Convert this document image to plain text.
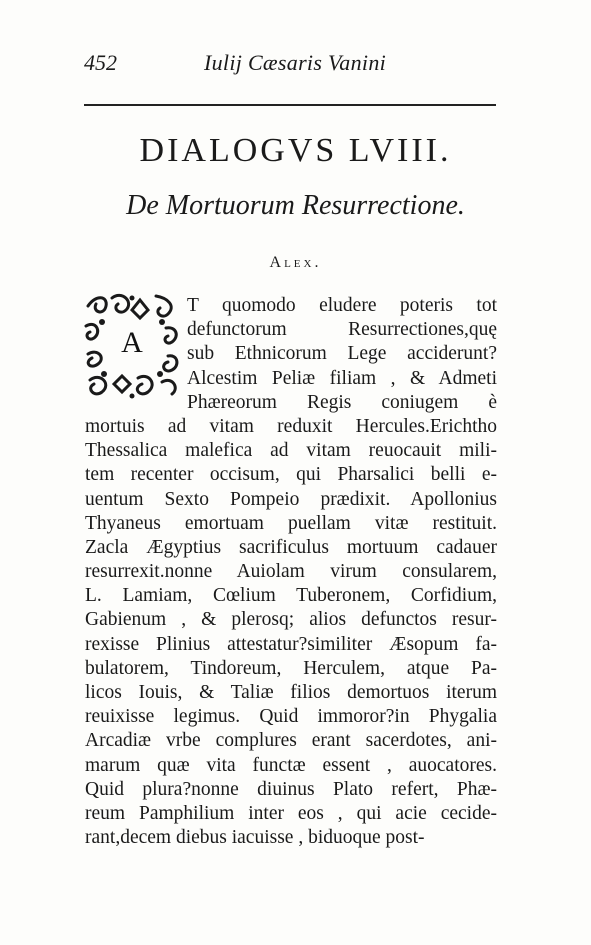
452	Iulij Cæsaris Vanini
DIALOGVS LVIII.
De Mortuorum Resurrectione.
Alex.
A
T quomodo eludere poteris tot
defunctorum Resurrectiones,quę
sub Ethnicorum Lege acciderunt?
Alcestim Peliæ filiam , & Admeti
Phæreorum Regis coniugem è
mortuis ad vitam reduxit Hercules.Erichtho
Thessalica malefica ad vitam reuocauit mili-
tem recenter occisum, qui Pharsalici belli e-
uentum Sexto Pompeio prædixit. Apollonius
Thyaneus emortuam puellam vitæ restituit.
Zacla Ægyptius sacrificulus mortuum cadauer
resurrexit.nonne Auiolam virum consularem,
L. Lamiam, Cœlium Tuberonem, Corfidium,
Gabienum , & plerosq; alios defunctos resur-
rexisse Plinius attestatur?similiter Æsopum fa-
bulatorem, Tindoreum, Herculem, atque Pa-
licos Iouis, & Taliæ filios demortuos iterum
reuixisse legimus. Quid immoror?in Phygalia
Arcadiæ vrbe complures erant sacerdotes, ani-
marum quæ vita functæ essent , auocatores.
Quid plura?nonne diuinus Plato refert, Phæ-
reum Pamphilium inter eos , qui acie cecide-
rant,decem diebus iacuisse , biduoque post-
